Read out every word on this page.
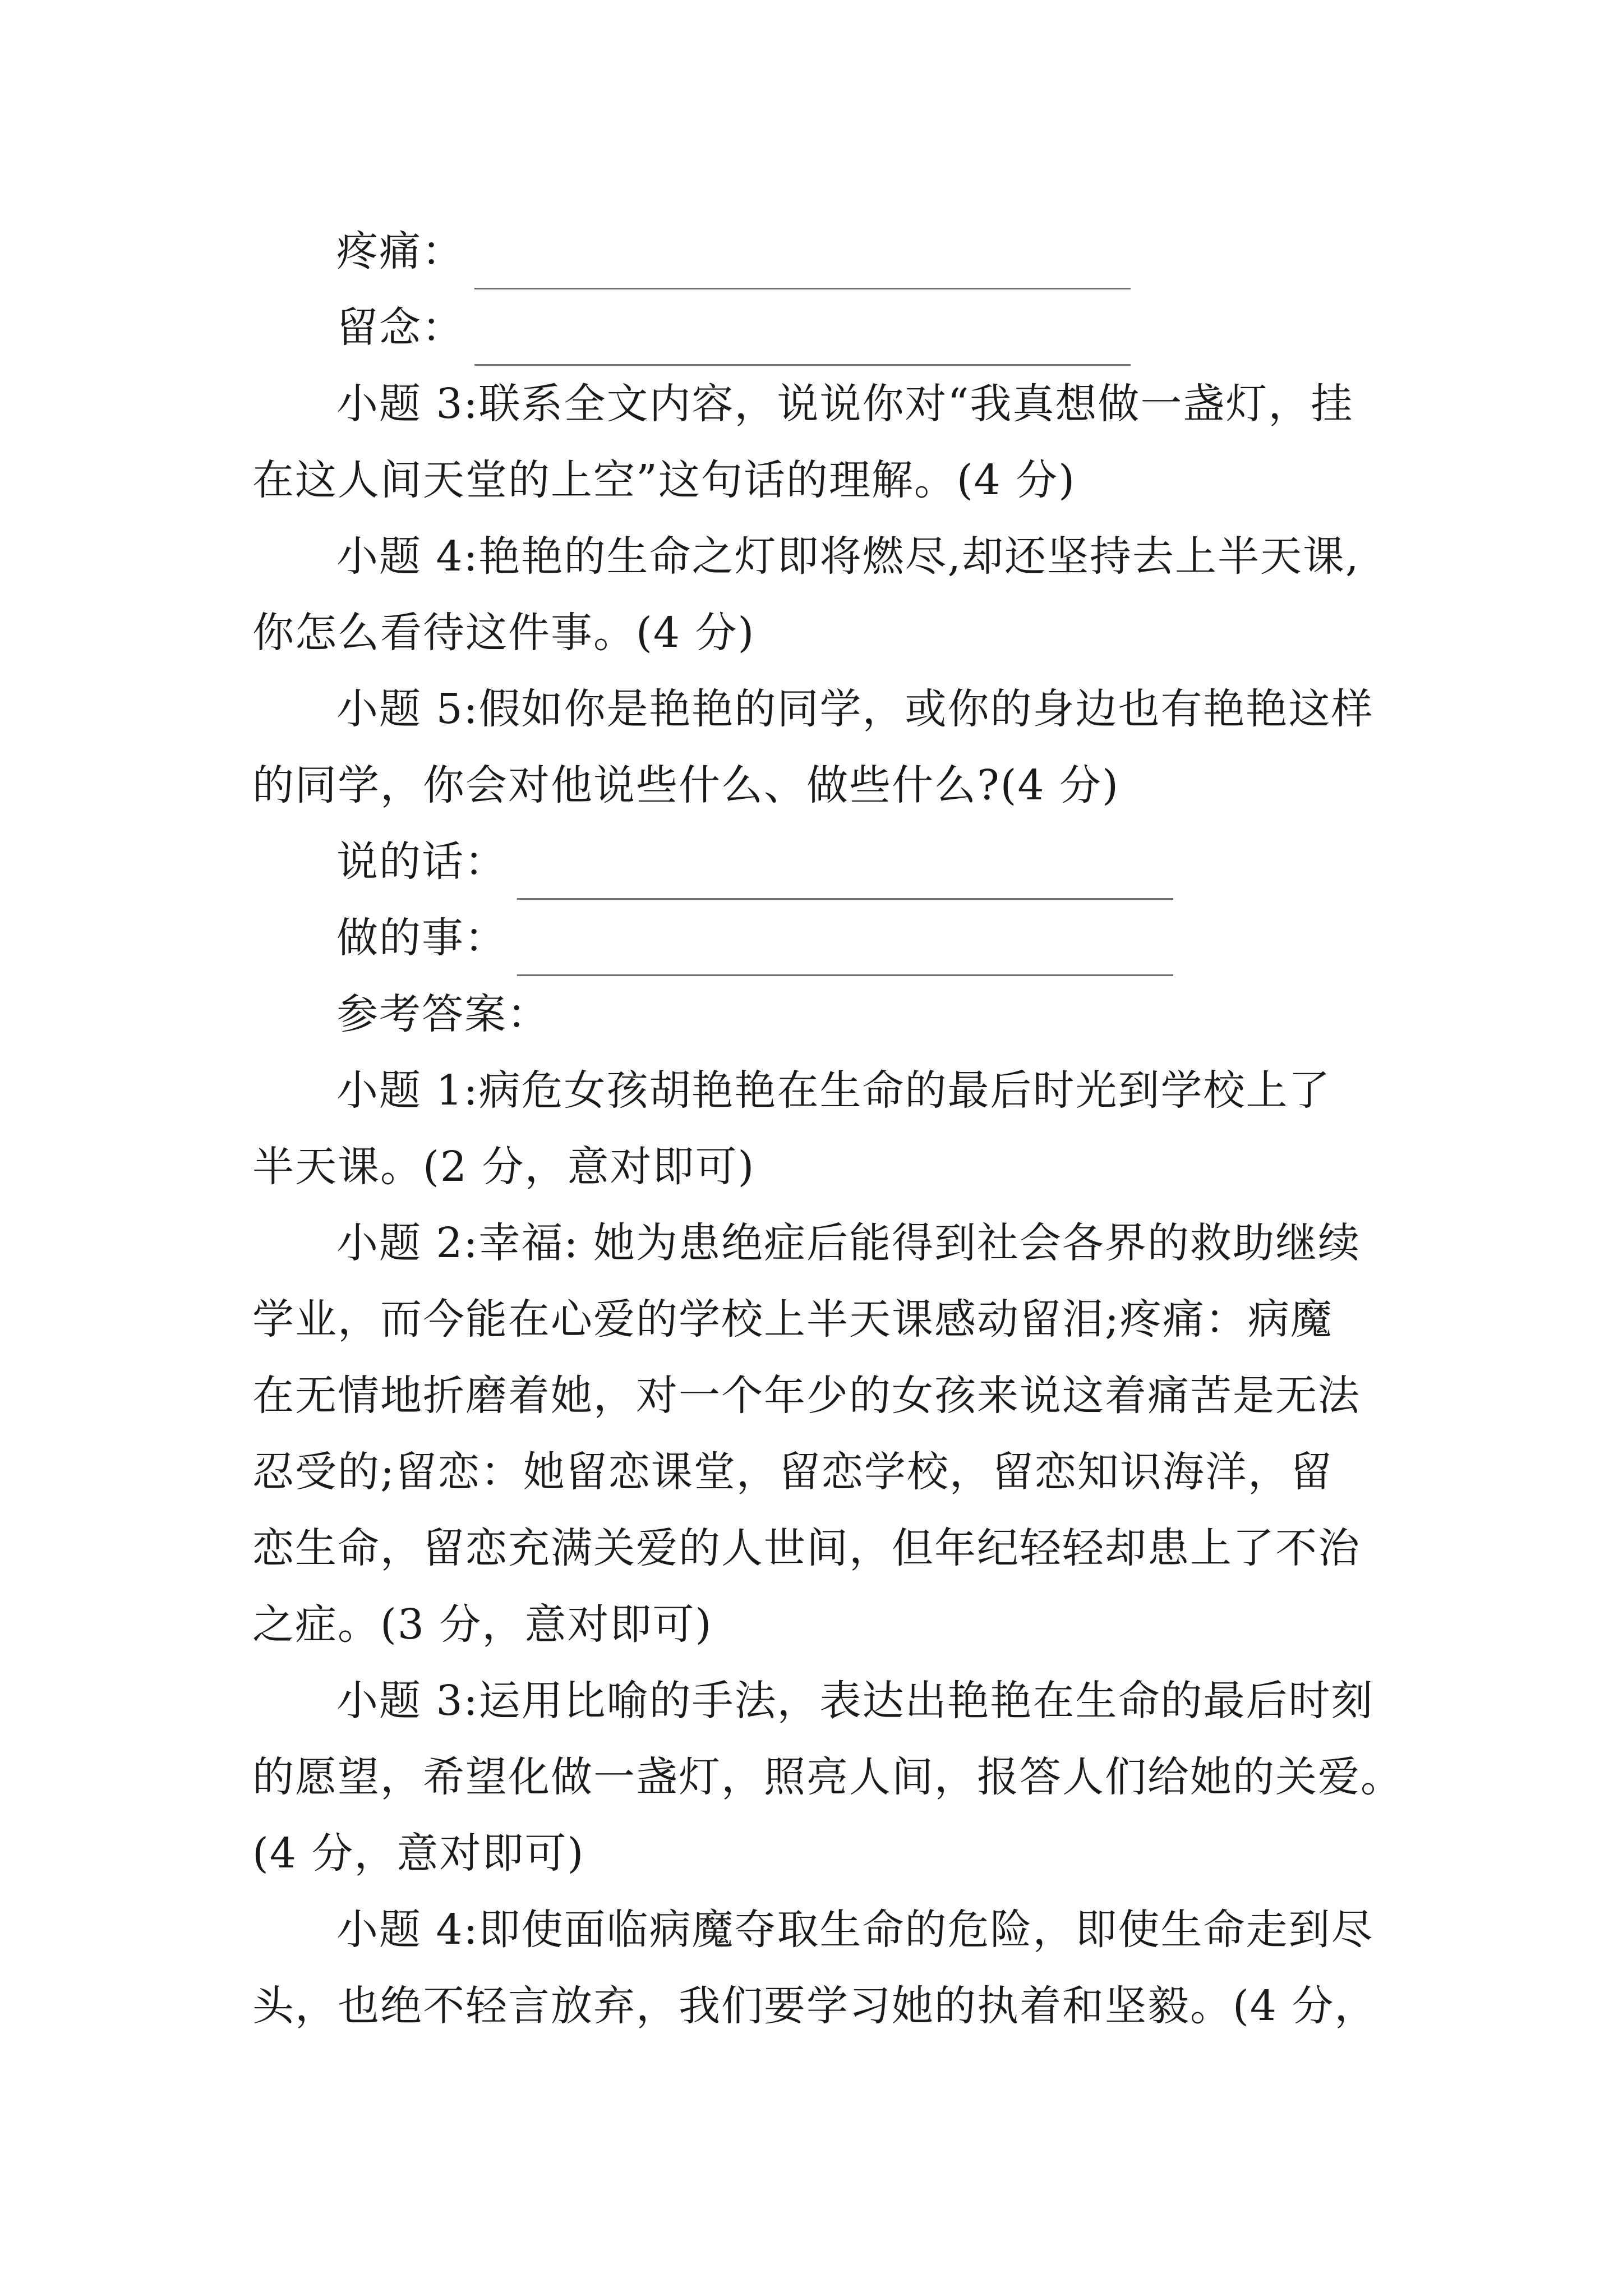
疼痛：
留念：
小题 3:联系全文内容，说说你对“我真想做一盏灯，挂
在这人间天堂的上空”这句话的理解。(4 分)
小题 4:艳艳的生命之灯即将燃尽,却还坚持去上半天课,
你怎么看待这件事。(4 分)
小题 5:假如你是艳艳的同学，或你的身边也有艳艳这样
的同学，你会对他说些什么、做些什么?(4 分)
说的话：
做的事：
参考答案：
小题 1:病危女孩胡艳艳在生命的最后时光到学校上了
半天课。(2 分，意对即可)
小题 2:幸福: 她为患绝症后能得到社会各界的救助继续
学业，而今能在心爱的学校上半天课感动留泪;疼痛：病魔
在无情地折磨着她，对一个年少的女孩来说这着痛苦是无法
忍受的;留恋：她留恋课堂，留恋学校，留恋知识海洋，留
恋生命，留恋充满关爱的人世间，但年纪轻轻却患上了不治
之症。(3 分，意对即可)
小题 3:运用比喻的手法，表达出艳艳在生命的最后时刻
的愿望，希望化做一盏灯，照亮人间，报答人们给她的关爱。
(4 分，意对即可)
小题 4:即使面临病魔夺取生命的危险，即使生命走到尽
头，也绝不轻言放弃，我们要学习她的执着和坚毅。(4 分，
